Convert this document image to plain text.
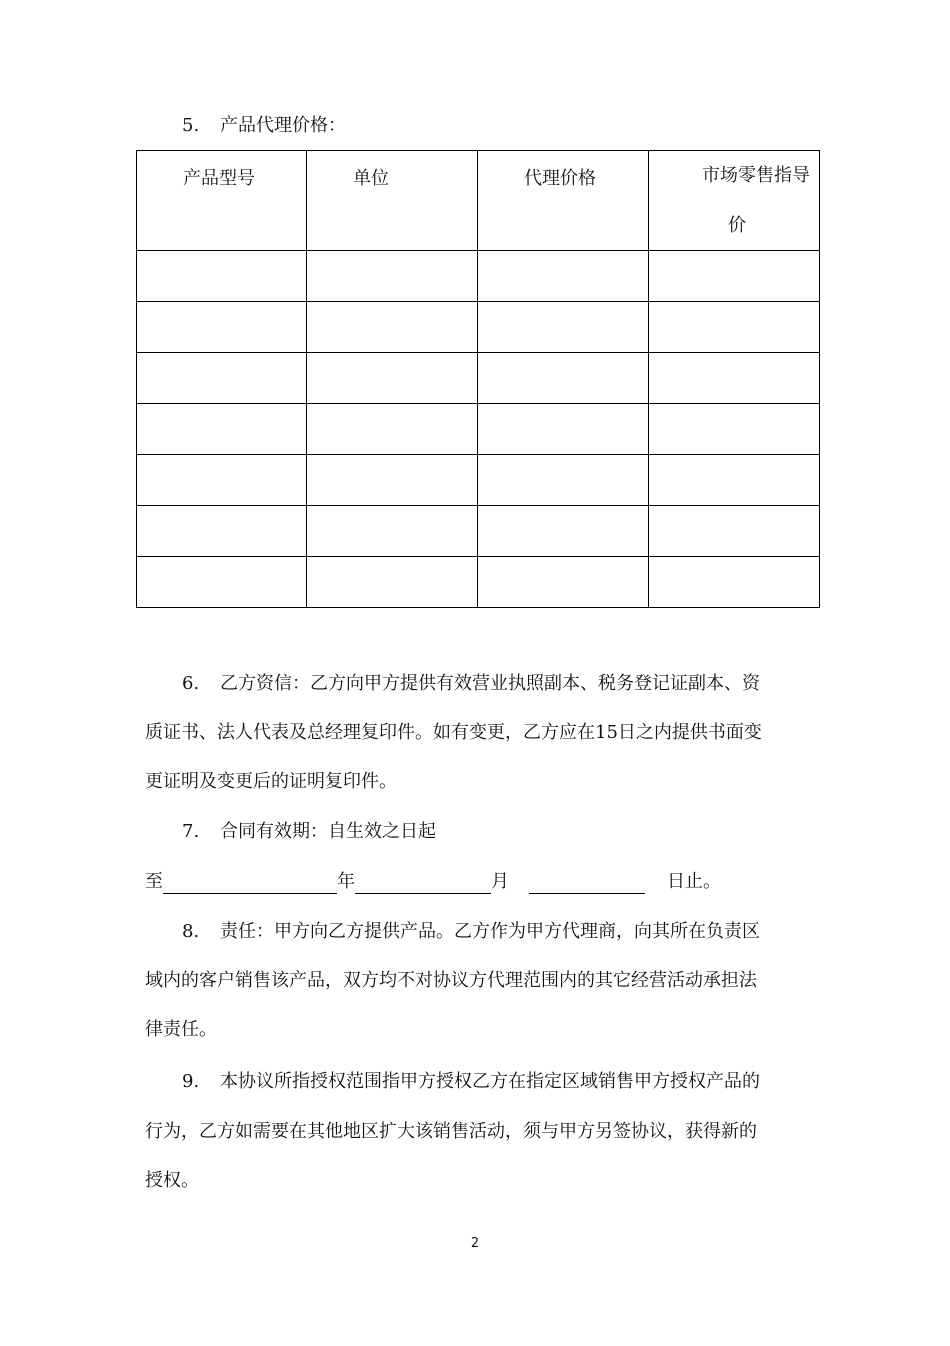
5. 产品代理价格：
产品型号	单位	代理价格	市场零售指导价

6. 乙方资信：乙方向甲方提供有效营业执照副本、税务登记证副本、资
质证书、法人代表及总经理复印件。如有变更，乙方应在15日之内提供书面变
更证明及变更后的证明复印件。
7. 合同有效期：自生效之日起
至	年	月	日止。
8. 责任：甲方向乙方提供产品。乙方作为甲方代理商，向其所在负责区
域内的客户销售该产品，双方均不对协议方代理范围内的其它经营活动承担法
律责任。
9. 本协议所指授权范围指甲方授权乙方在指定区域销售甲方授权产品的
行为，乙方如需要在其他地区扩大该销售活动，须与甲方另签协议，获得新的
授权。
2
